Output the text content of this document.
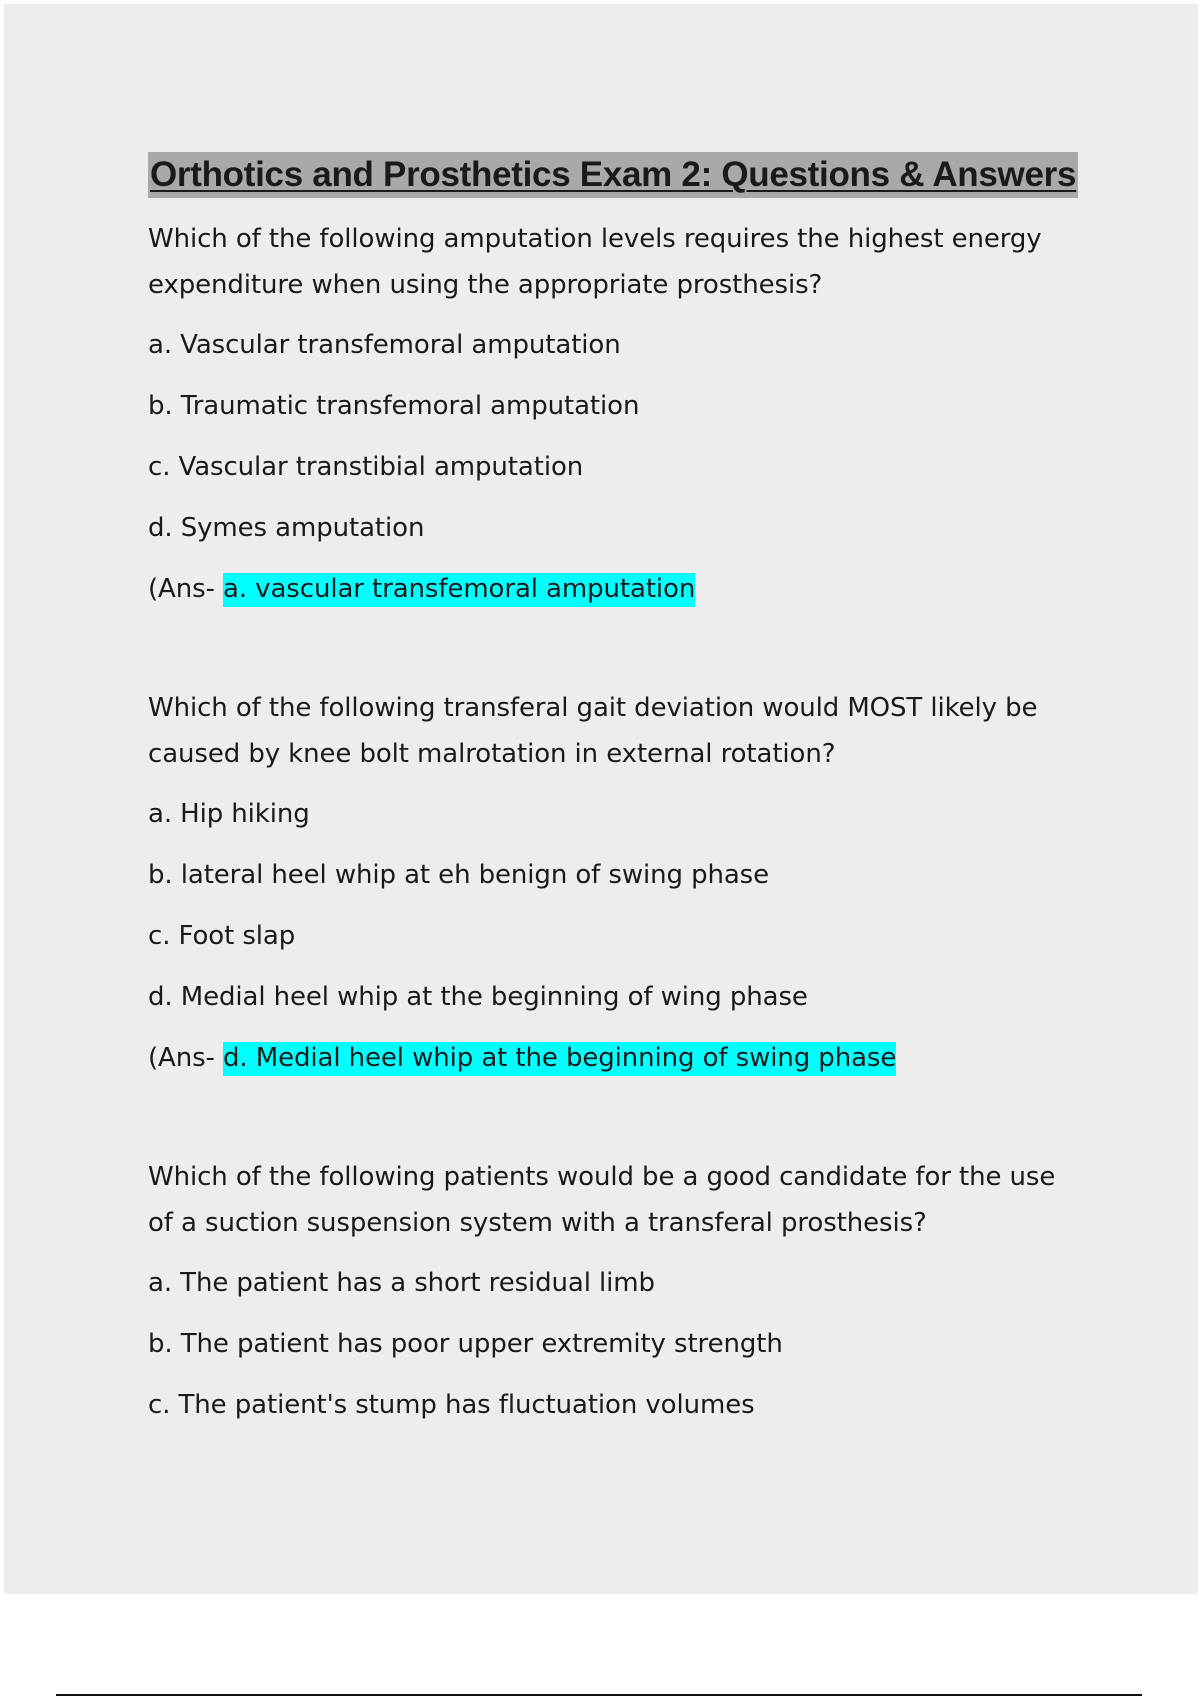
Orthotics and Prosthetics Exam 2: Questions & Answers

Which of the following amputation levels requires the highest energy expenditure when using the appropriate prosthesis?

a. Vascular transfemoral amputation

b. Traumatic transfemoral amputation

c. Vascular transtibial amputation

d. Symes amputation

(Ans- a. vascular transfemoral amputation

Which of the following transferal gait deviation would MOST likely be caused by knee bolt malrotation in external rotation?

a. Hip hiking

b. lateral heel whip at eh benign of swing phase

c. Foot slap

d. Medial heel whip at the beginning of wing phase

(Ans- d. Medial heel whip at the beginning of swing phase

Which of the following patients would be a good candidate for the use of a suction suspension system with a transferal prosthesis?

a. The patient has a short residual limb

b. The patient has poor upper extremity strength

c. The patient's stump has fluctuation volumes
